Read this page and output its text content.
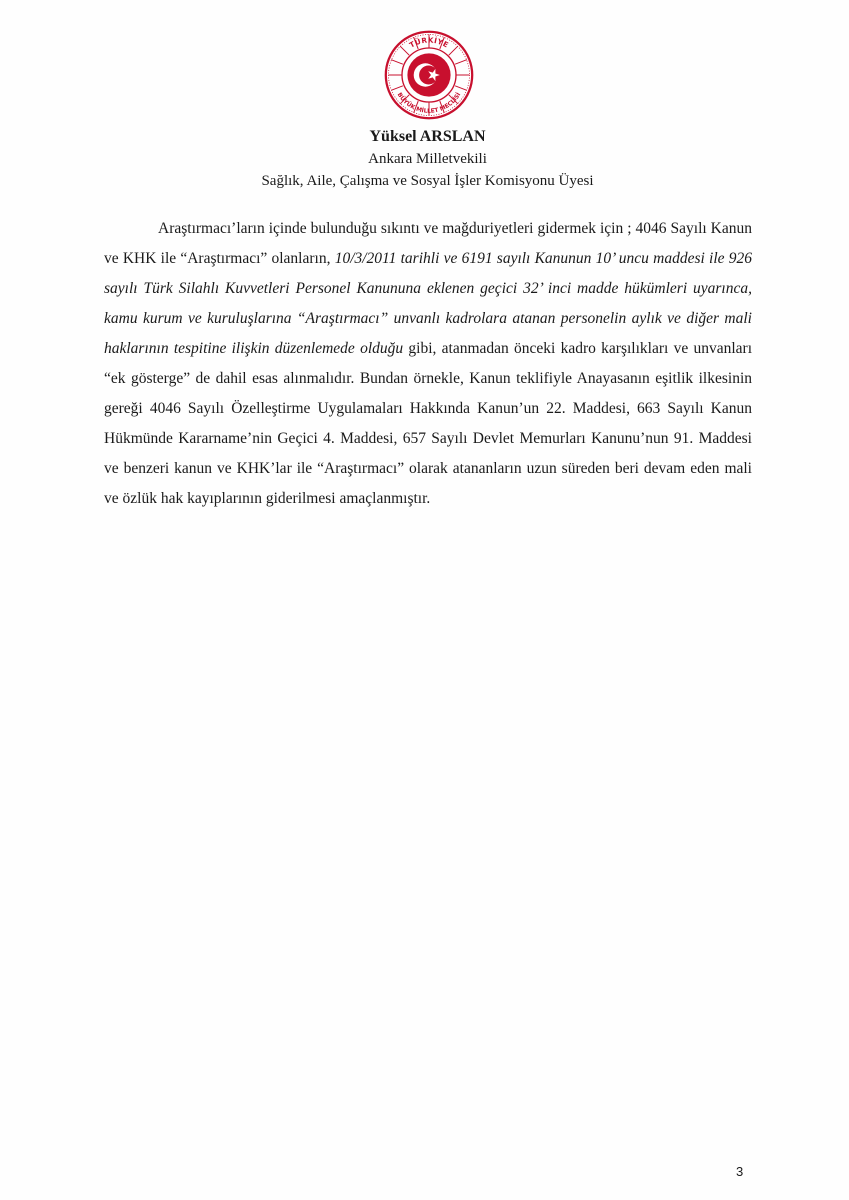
TÜRKİYE
BÜYÜK MİLLET MECLİSİ
Yüksel ARSLAN
Ankara Milletvekili
Sağlık, Aile, Çalışma ve Sosyal İşler Komisyonu Üyesi

Araştırmacı’ların içinde bulunduğu sıkıntı ve mağduriyetleri gidermek için ; 4046 Sayılı Kanun ve KHK ile “Araştırmacı” olanların, 10/3/2011 tarihli ve 6191 sayılı Kanunun 10’ uncu maddesi ile 926 sayılı Türk Silahlı Kuvvetleri Personel Kanununa eklenen geçici 32’ inci madde hükümleri uyarınca, kamu kurum ve kuruluşlarına “Araştırmacı” unvanlı kadrolara atanan personelin aylık ve diğer mali haklarının tespitine ilişkin düzenlemede olduğu gibi, atanmadan önceki kadro karşılıkları ve unvanları “ek gösterge” de dahil esas alınmalıdır. Bundan örnekle, Kanun teklifiyle Anayasanın eşitlik ilkesinin gereği 4046 Sayılı Özelleştirme Uygulamaları Hakkında Kanun’un 22. Maddesi, 663 Sayılı Kanun Hükmünde Kararname’nin Geçici 4. Maddesi, 657 Sayılı Devlet Memurları Kanunu’nun 91. Maddesi ve benzeri kanun ve KHK’lar ile “Araştırmacı” olarak atananların uzun süreden beri devam eden mali ve özlük hak kayıplarının giderilmesi amaçlanmıştır.

3
